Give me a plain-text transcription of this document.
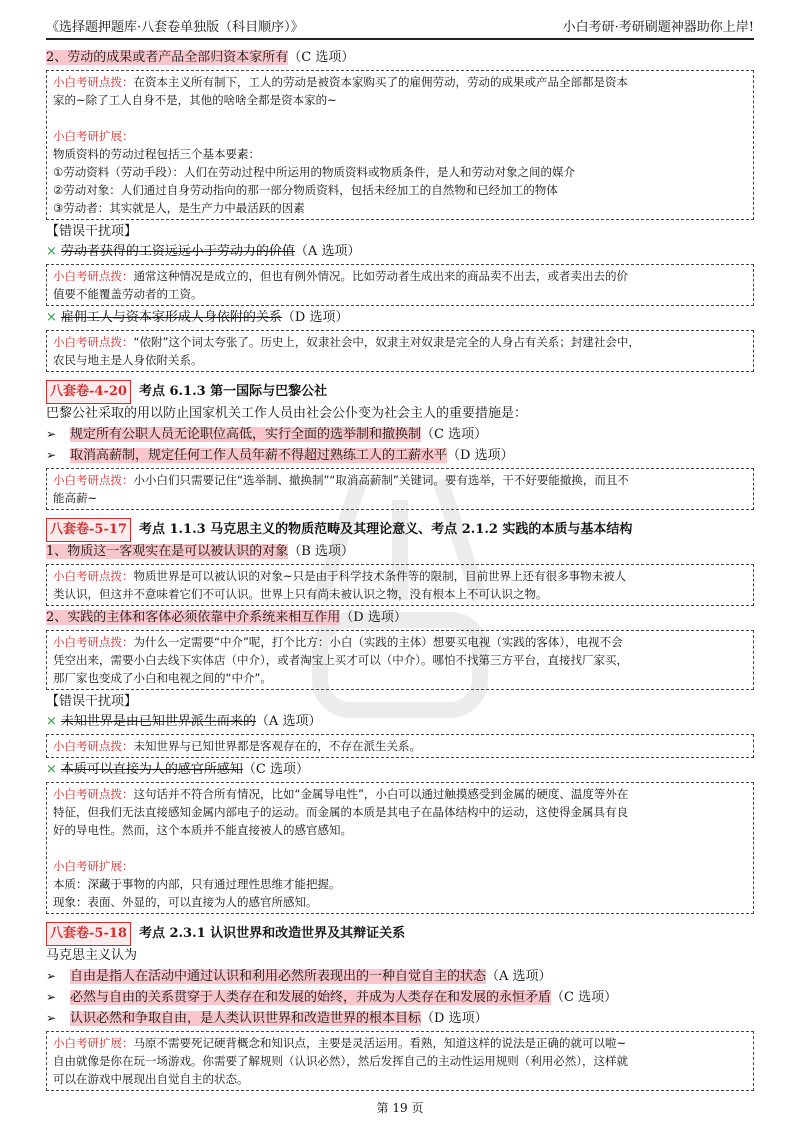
《选择题押题库·八套卷单独版（科目顺序）》	小白考研·考研刷题神器助你上岸!
2、劳动的成果或者产品全部归资本家所有（C 选项）
小白考研点拨：在资本主义所有制下，工人的劳动是被资本家购买了的雇佣劳动，劳动的成果或产品全部都是资本
家的~除了工人自身不是，其他的啥啥全都是资本家的~
小白考研扩展：
物质资料的劳动过程包括三个基本要素：
①劳动资料（劳动手段）：人们在劳动过程中所运用的物质资料或物质条件，是人和劳动对象之间的媒介
②劳动对象：人们通过自身劳动指向的那一部分物质资料，包括未经加工的自然物和已经加工的物体
③劳动者：其实就是人，是生产力中最活跃的因素
【错误干扰项】
× 劳动者获得的工资远远小于劳动力的价值（A 选项）
小白考研点拨：通常这种情况是成立的，但也有例外情况。比如劳动者生成出来的商品卖不出去，或者卖出去的价
值要不能覆盖劳动者的工资。
× 雇佣工人与资本家形成人身依附的关系（D 选项）
小白考研点拨：“依附”这个词太夸张了。历史上，奴隶社会中，奴隶主对奴隶是完全的人身占有关系；封建社会中，
农民与地主是人身依附关系。
八套卷-4-20 考点 6.1.3 第一国际与巴黎公社
巴黎公社采取的用以防止国家机关工作人员由社会公仆变为社会主人的重要措施是：
➢ 规定所有公职人员无论职位高低，实行全面的选举制和撤换制（C 选项）
➢ 取消高薪制，规定任何工作人员年薪不得超过熟练工人的工薪水平（D 选项）
小白考研点拨：小小白们只需要记住“选举制、撤换制”“取消高薪制”关键词。要有选举，干不好要能撤换，而且不
能高薪~
八套卷-5-17 考点 1.1.3 马克思主义的物质范畴及其理论意义、考点 2.1.2 实践的本质与基本结构
1、物质这一客观实在是可以被认识的对象（B 选项）
小白考研点拨：物质世界是可以被认识的对象~只是由于科学技术条件等的限制，目前世界上还有很多事物未被人
类认识，但这并不意味着它们不可认识。世界上只有尚未被认识之物，没有根本上不可认识之物。
2、实践的主体和客体必须依靠中介系统来相互作用（D 选项）
小白考研点拨：为什么一定需要“中介”呢，打个比方：小白（实践的主体）想要买电视（实践的客体），电视不会
凭空出来，需要小白去线下实体店（中介），或者淘宝上买才可以（中介）。哪怕不找第三方平台，直接找厂家买，
那厂家也变成了小白和电视之间的“中介”。
【错误干扰项】
× 未知世界是由已知世界派生而来的（A 选项）
小白考研点拨：未知世界与已知世界都是客观存在的，不存在派生关系。
× 本质可以直接为人的感官所感知（C 选项）
小白考研点拨：这句话并不符合所有情况，比如“金属导电性”，小白可以通过触摸感受到金属的硬度、温度等外在
特征，但我们无法直接感知金属内部电子的运动。而金属的本质是其电子在晶体结构中的运动，这使得金属具有良
好的导电性。然而，这个本质并不能直接被人的感官感知。
小白考研扩展：
本质：深藏于事物的内部，只有通过理性思维才能把握。
现象：表面、外显的，可以直接为人的感官所感知。
八套卷-5-18 考点 2.3.1 认识世界和改造世界及其辩证关系
马克思主义认为
➢ 自由是指人在活动中通过认识和利用必然所表现出的一种自觉自主的状态（A 选项）
➢ 必然与自由的关系贯穿于人类存在和发展的始终，并成为人类存在和发展的永恒矛盾（C 选项）
➢ 认识必然和争取自由，是人类认识世界和改造世界的根本目标（D 选项）
小白考研扩展：马原不需要死记硬背概念和知识点，主要是灵活运用。看熟，知道这样的说法是正确的就可以啦~
自由就像是你在玩一场游戏。你需要了解规则（认识必然），然后发挥自己的主动性运用规则（利用必然），这样就
可以在游戏中展现出自觉自主的状态。
第 19 页
